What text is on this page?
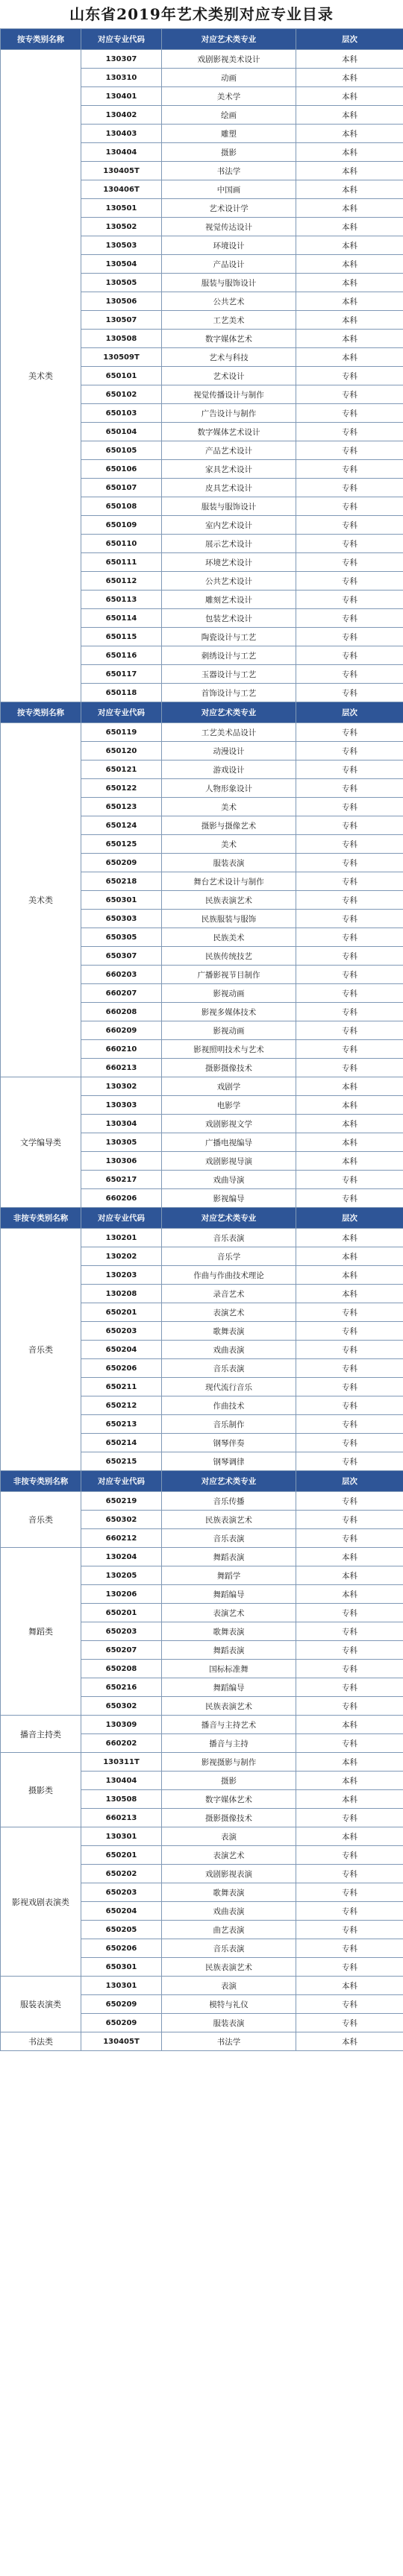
山东省2019年艺术类别对应专业目录
按专类别名称	对应专业代码	对应艺术类专业	层次
美术类	130307	戏剧影视美术设计	本科
	130310	动画	本科
	130401	美术学	本科
	130402	绘画	本科
	130403	雕塑	本科
	130404	摄影	本科
	130405T	书法学	本科
	130406T	中国画	本科
	130501	艺术设计学	本科
	130502	视觉传达设计	本科
	130503	环境设计	本科
	130504	产品设计	本科
	130505	服装与服饰设计	本科
	130506	公共艺术	本科
	130507	工艺美术	本科
	130508	数字媒体艺术	本科
	130509T	艺术与科技	本科
	650101	艺术设计	专科
	650102	视觉传播设计与制作	专科
	650103	广告设计与制作	专科
	650104	数字媒体艺术设计	专科
	650105	产品艺术设计	专科
	650106	家具艺术设计	专科
	650107	皮具艺术设计	专科
	650108	服装与服饰设计	专科
	650109	室内艺术设计	专科
	650110	展示艺术设计	专科
	650111	环境艺术设计	专科
	650112	公共艺术设计	专科
	650113	雕刻艺术设计	专科
	650114	包装艺术设计	专科
	650115	陶瓷设计与工艺	专科
	650116	刺绣设计与工艺	专科
	650117	玉器设计与工艺	专科
	650118	首饰设计与工艺	专科
按专类别名称	对应专业代码	对应艺术类专业	层次
美术类	650119	工艺美术品设计	专科
	650120	动漫设计	专科
	650121	游戏设计	专科
	650122	人物形象设计	专科
	650123	美术	专科
	650124	摄影与摄像艺术	专科
	650125	美术	专科
	650209	服装表演	专科
	650218	舞台艺术设计与制作	专科
	650301	民族表演艺术	专科
	650303	民族服装与服饰	专科
	650305	民族美术	专科
	650307	民族传统技艺	专科
	660203	广播影视节目制作	专科
	660207	影视动画	专科
	660208	影视多媒体技术	专科
	660209	影视动画	专科
	660210	影视照明技术与艺术	专科
	660213	摄影摄像技术	专科
文学编导类	130302	戏剧学	本科
	130303	电影学	本科
	130304	戏剧影视文学	本科
	130305	广播电视编导	本科
	130306	戏剧影视导演	本科
	650217	戏曲导演	专科
	660206	影视编导	专科
非按专类别名称	对应专业代码	对应艺术类专业	层次
音乐类	130201	音乐表演	本科
	130202	音乐学	本科
	130203	作曲与作曲技术理论	本科
	130208	录音艺术	本科
	650201	表演艺术	专科
	650203	歌舞表演	专科
	650204	戏曲表演	专科
	650206	音乐表演	专科
	650211	现代流行音乐	专科
	650212	作曲技术	专科
	650213	音乐制作	专科
	650214	钢琴伴奏	专科
	650215	钢琴调律	专科
非按专类别名称	对应专业代码	对应艺术类专业	层次
音乐类	650219	音乐传播	专科
	650302	民族表演艺术	专科
	660212	音乐表演	专科
舞蹈类	130204	舞蹈表演	本科
	130205	舞蹈学	本科
	130206	舞蹈编导	本科
	650201	表演艺术	专科
	650203	歌舞表演	专科
	650207	舞蹈表演	专科
	650208	国标标准舞	专科
	650216	舞蹈编导	专科
	650302	民族表演艺术	专科
播音主持类	130309	播音与主持艺术	本科
	660202	播音与主持	专科
摄影类	130311T	影视摄影与制作	本科
	130404	摄影	本科
	130508	数字媒体艺术	本科
	660213	摄影摄像技术	专科
影视戏剧表演类	130301	表演	本科
	650201	表演艺术	专科
	650202	戏剧影视表演	专科
	650203	歌舞表演	专科
	650204	戏曲表演	专科
	650205	曲艺表演	专科
	650206	音乐表演	专科
	650301	民族表演艺术	专科
服装表演类	130301	表演	本科
	650209	模特与礼仪	专科
	650209	服装表演	专科
书法类	130405T	书法学	本科
